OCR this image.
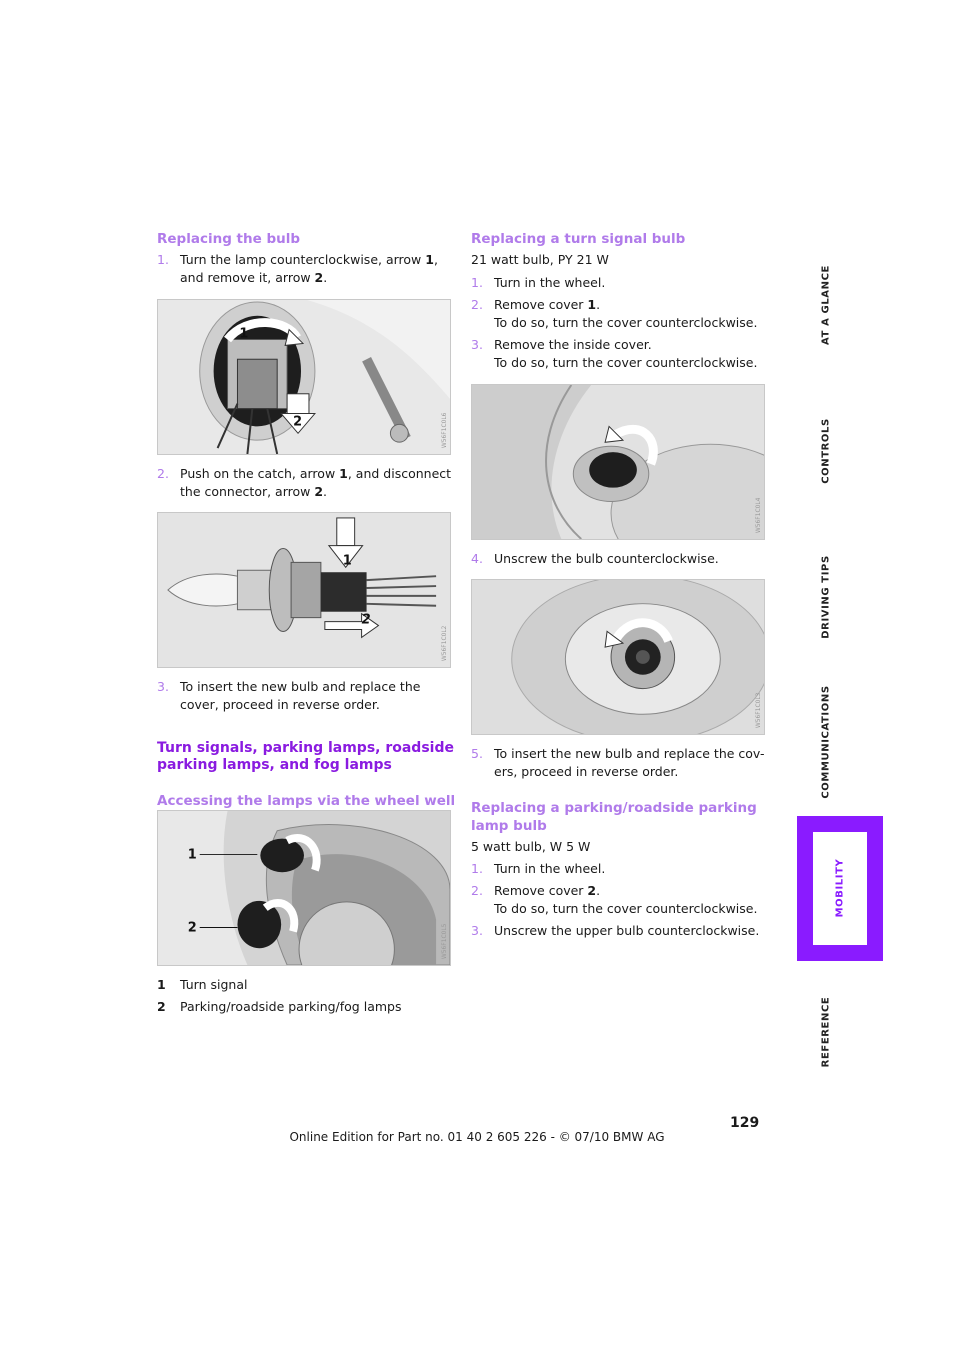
Replacing the bulb

1. Turn the lamp counterclockwise, arrow 1,
and remove it, arrow 2.
1
2	W56F1C0L6
2. Push on the catch, arrow 1, and disconnect
the connector, arrow 2.
1
2
W56F1C0L2
3. To insert the new bulb and replace the
cover, proceed in reverse order.

Turn signals, parking lamps, roadside
parking lamps, and fog lamps

Accessing the lamps via the wheel well

1
2	W56F1C0L5
1 Turn signal
2 Parking/roadside parking/fog lamps

Replacing a turn signal bulb

21 watt bulb, PY 21 W

1. Turn in the wheel.
2. Remove cover 1.
To do so, turn the cover counterclockwise.
3. Remove the inside cover.
To do so, turn the cover counterclockwise.
W56F1C0L4
4. Unscrew the bulb counterclockwise.
W56F1C0L3
5. To insert the new bulb and replace the cov-
ers, proceed in reverse order.

Replacing a parking/roadside parking
lamp bulb

5 watt bulb, W 5 W

1. Turn in the wheel.
2. Remove cover 2.
To do so, turn the cover counterclockwise.
3. Unscrew the upper bulb counterclockwise.
AT A GLANCE
CONTROLS
DRIVING TIPS
COMMUNICATIONS
MOBILITY
REFERENCE
129
Online Edition for Part no. 01 40 2 605 226 - © 07/10 BMW AG
